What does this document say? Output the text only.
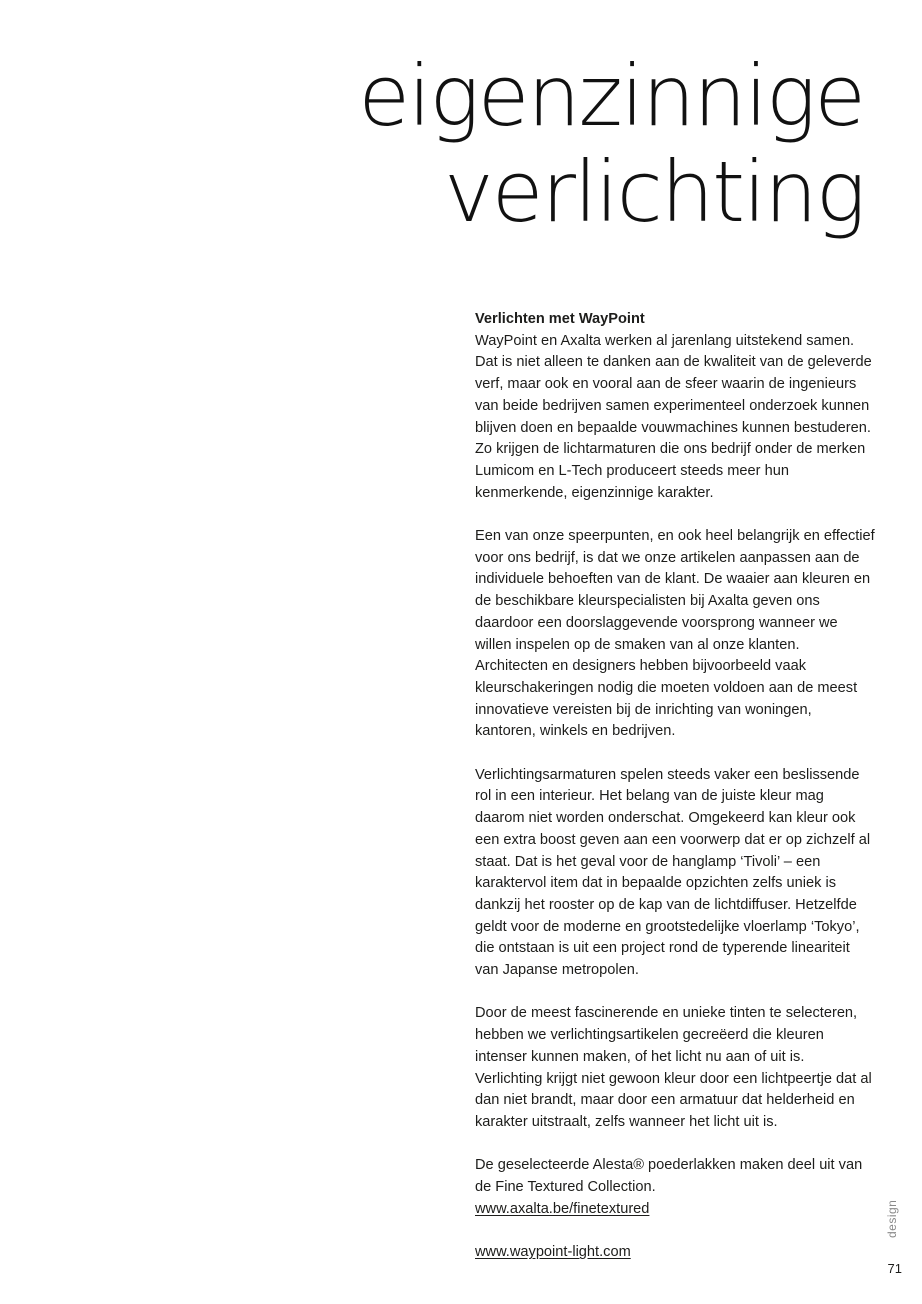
eigenzinnige
verlichting
Verlichten met WayPoint

WayPoint en Axalta werken al jarenlang uitstekend samen. Dat is niet alleen te danken aan de kwaliteit van de geleverde verf, maar ook en vooral aan de sfeer waarin de ingenieurs van beide bedrijven samen experimenteel onderzoek kunnen blijven doen en bepaalde vouwmachines kunnen bestuderen. Zo krijgen de lichtarmaturen die ons bedrijf onder de merken Lumicom en L-Tech produceert steeds meer hun kenmerkende, eigenzinnige karakter.

Een van onze speerpunten, en ook heel belangrijk en effectief voor ons bedrijf, is dat we onze artikelen aanpassen aan de individuele behoeften van de klant. De waaier aan kleuren en de beschikbare kleurspecialisten bij Axalta geven ons daardoor een doorslaggevende voorsprong wanneer we willen inspelen op de smaken van al onze klanten. Architecten en designers hebben bijvoorbeeld vaak kleurschakeringen nodig die moeten voldoen aan de meest innovatieve vereisten bij de inrichting van woningen, kantoren, winkels en bedrijven.

Verlichtingsarmaturen spelen steeds vaker een beslissende rol in een interieur. Het belang van de juiste kleur mag daarom niet worden onderschat. Omgekeerd kan kleur ook een extra boost geven aan een voorwerp dat er op zichzelf al staat. Dat is het geval voor de hanglamp ‘Tivoli’ – een karaktervol item dat in bepaalde opzichten zelfs uniek is dankzij het rooster op de kap van de lichtdiffuser. Hetzelfde geldt voor de moderne en grootstedelijke vloerlamp ‘Tokyo’, die ontstaan is uit een project rond de typerende lineariteit van Japanse metropolen.

Door de meest fascinerende en unieke tinten te selecteren, hebben we verlichtingsartikelen gecreëerd die kleuren intenser kunnen maken, of het licht nu aan of uit is. Verlichting krijgt niet gewoon kleur door een lichtpeertje dat al dan niet brandt, maar door een armatuur dat helderheid en karakter uitstraalt, zelfs wanneer het licht uit is.

De geselecteerde Alesta® poederlakken maken deel uit van de Fine Textured Collection.
www.axalta.be/finetextured
www.waypoint-light.com
design
71
